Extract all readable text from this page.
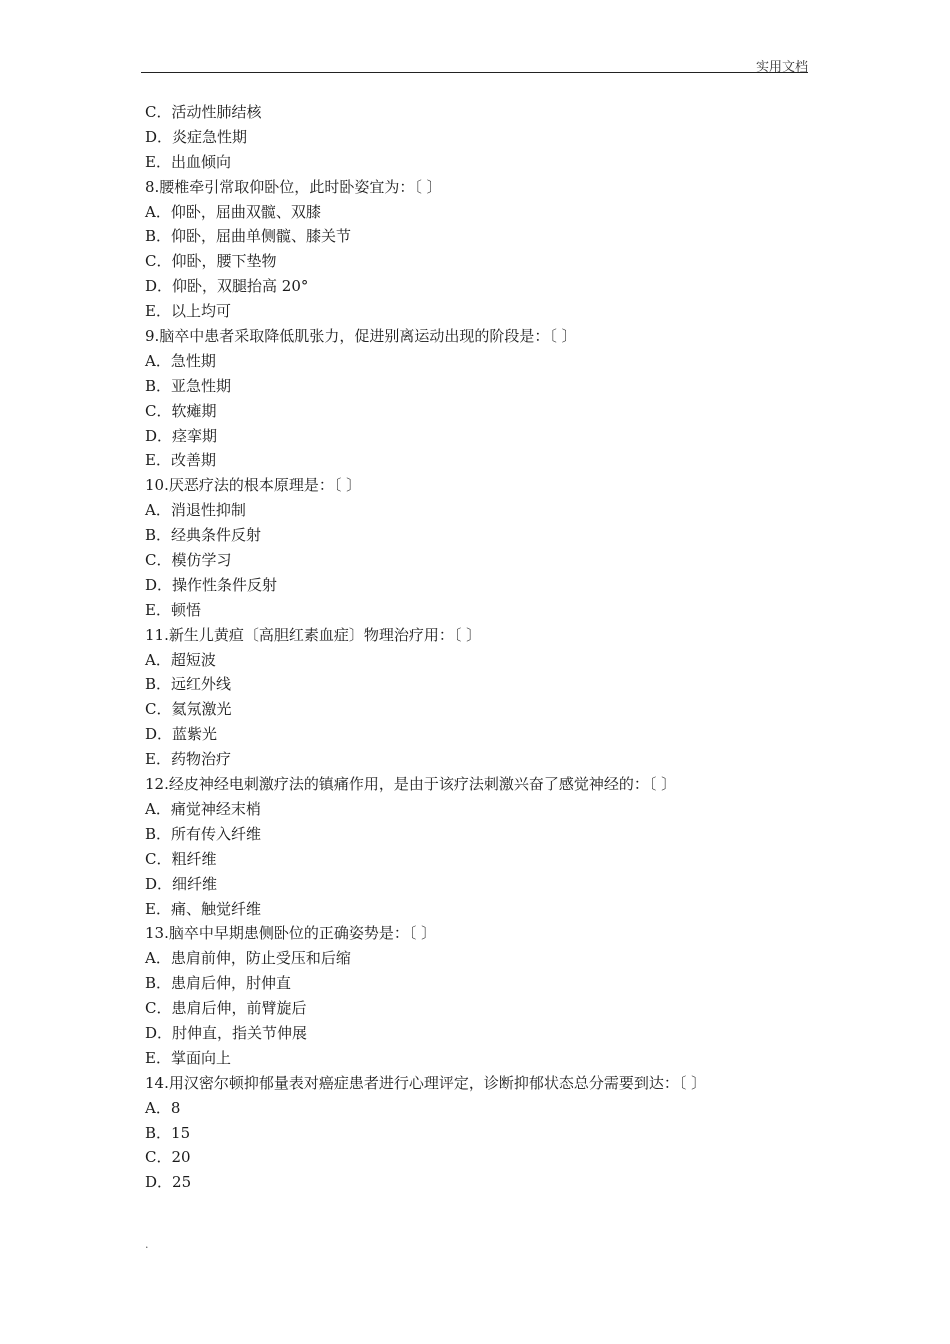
实用文档
C．活动性肺结核
D．炎症急性期
E．出血倾向
8.腰椎牵引常取仰卧位，此时卧姿宜为：〔 〕
A．仰卧，屈曲双髋、双膝
B．仰卧，屈曲单侧髋、膝关节
C．仰卧，腰下垫物
D．仰卧，双腿抬高 20°
E．以上均可
9.脑卒中患者采取降低肌张力，促进别离运动出现的阶段是：〔 〕
A．急性期
B．亚急性期
C．软瘫期
D．痉挛期
E．改善期
10.厌恶疗法的根本原理是：〔 〕
A．消退性抑制
B．经典条件反射
C．模仿学习
D．操作性条件反射
E．顿悟
11.新生儿黄疸〔高胆红素血症〕物理治疗用：〔 〕
A．超短波
B．远红外线
C．氦氖激光
D．蓝紫光
E．药物治疗
12.经皮神经电刺激疗法的镇痛作用，是由于该疗法刺激兴奋了感觉神经的：〔 〕
A．痛觉神经末梢
B．所有传入纤维
C．粗纤维
D．细纤维
E．痛、触觉纤维
13.脑卒中早期患侧卧位的正确姿势是：〔 〕
A．患肩前伸，防止受压和后缩
B．患肩后伸，肘伸直
C．患肩后伸，前臂旋后
D．肘伸直，指关节伸展
E．掌面向上
14.用汉密尔顿抑郁量表对癌症患者进行心理评定，诊断抑郁状态总分需要到达：〔 〕
A．8
B．15
C．20
D．25
.
